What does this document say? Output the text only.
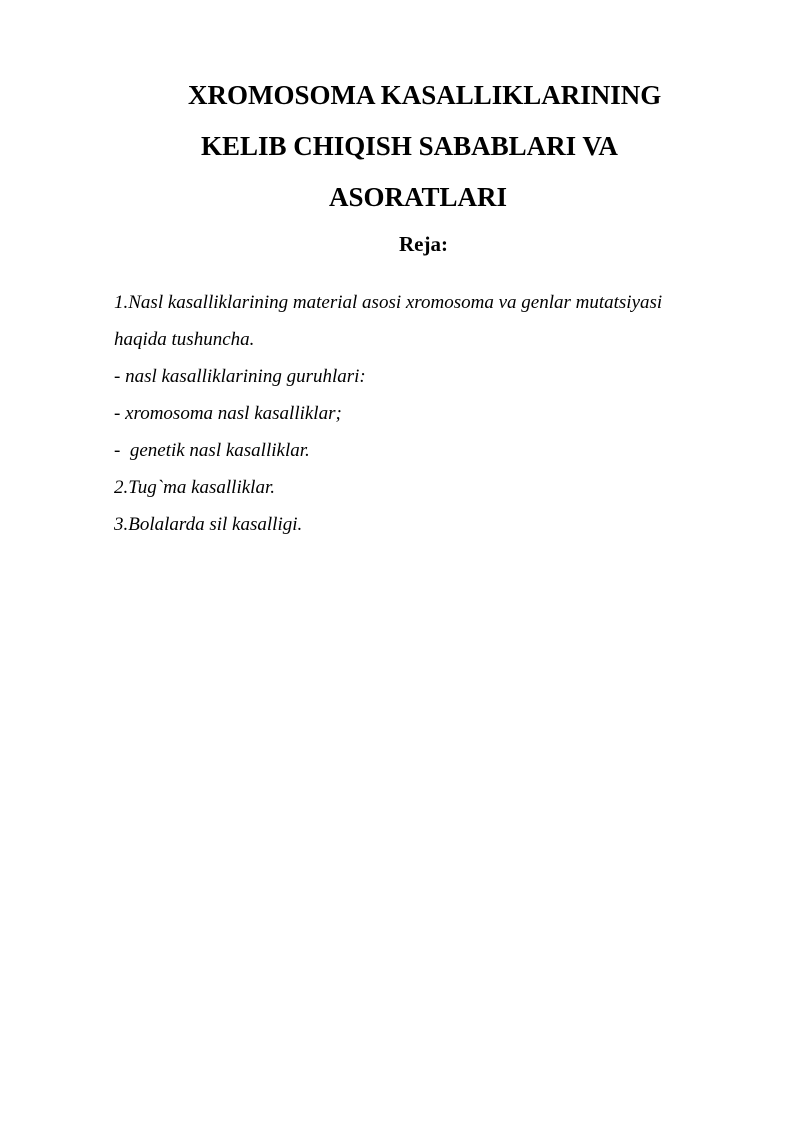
XROMOSOMA KASALLIKLARINING
KELIB CHIQISH SABABLARI VA
ASORATLARI
Reja:
1.Nasl kasalliklarining material asosi xromosoma va genlar mutatsiyasi
haqida tushuncha.
- nasl kasalliklarining guruhlari:
- xromosoma nasl kasalliklar;
-  genetik nasl kasalliklar.
2.Tug`ma kasalliklar.
3.Bolalarda sil kasalligi.
